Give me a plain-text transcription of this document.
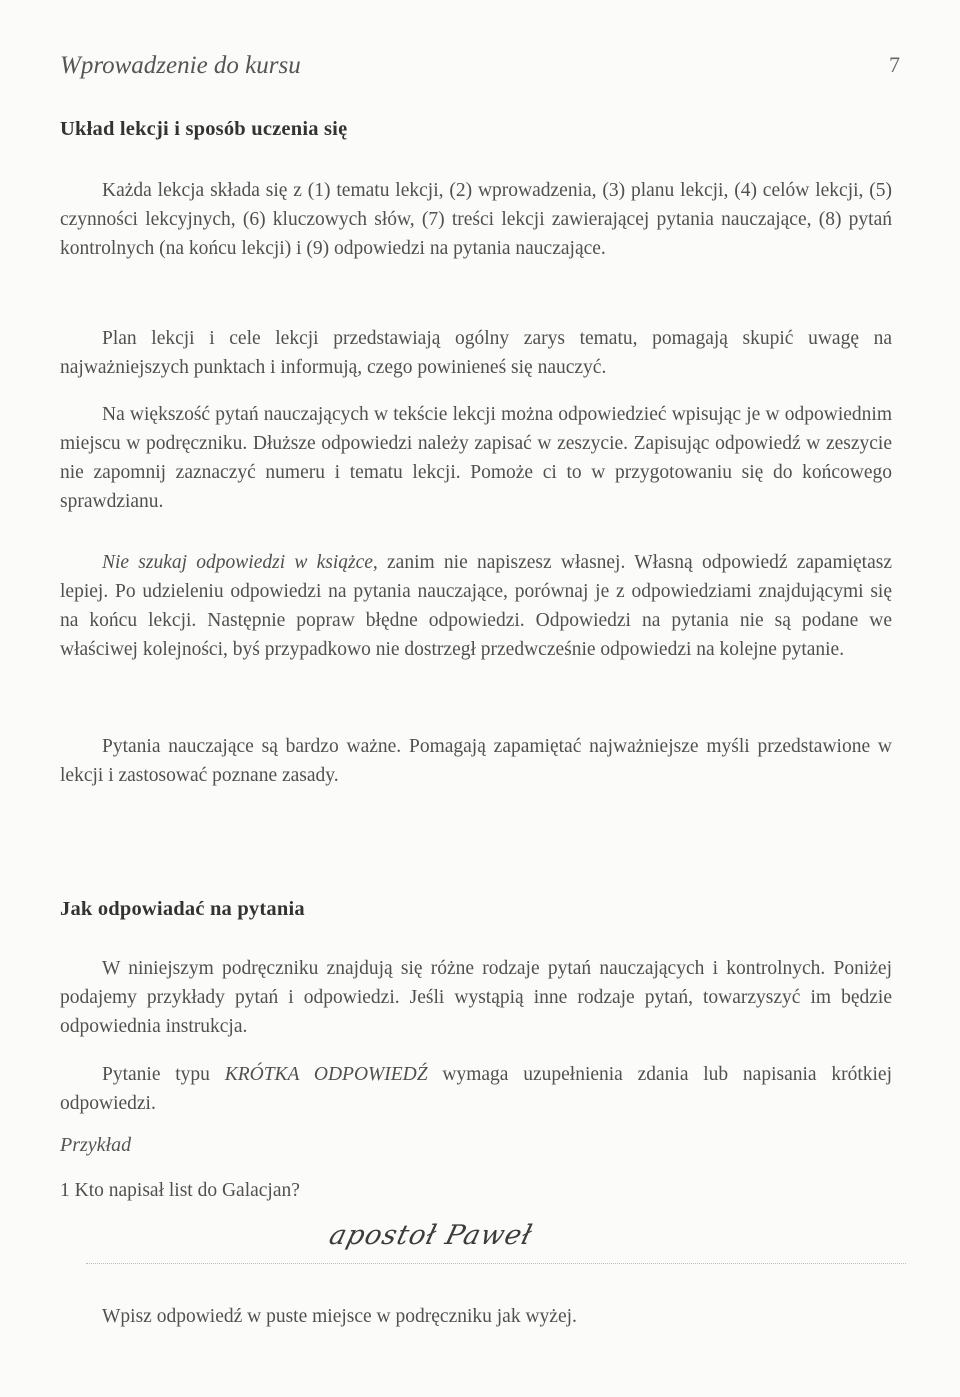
Wprowadzenie do kursu	7
Układ lekcji i sposób uczenia się

Każda lekcja składa się z (1) tematu lekcji, (2) wprowadzenia, (3) planu lekcji, (4) celów lekcji, (5) czynności lekcyjnych, (6) kluczowych słów, (7) treści lekcji zawierającej pytania nauczające, (8) pytań kontrolnych (na końcu lekcji) i (9) odpowiedzi na pytania nauczające.

Plan lekcji i cele lekcji przedstawiają ogólny zarys tematu, pomagają skupić uwagę na najważniejszych punktach i informują, czego powinieneś się nauczyć.

Na większość pytań nauczających w tekście lekcji można odpowiedzieć wpisując je w odpowiednim miejscu w podręczniku. Dłuższe odpowiedzi należy zapisać w zeszycie. Zapisując odpowiedź w zeszycie nie zapomnij zaznaczyć numeru i tematu lekcji. Pomoże ci to w przygotowaniu się do końcowego sprawdzianu.

Nie szukaj odpowiedzi w książce, zanim nie napiszesz własnej. Własną odpowiedź zapamiętasz lepiej. Po udzieleniu odpowiedzi na pytania nauczające, porównaj je z odpowiedziami znajdującymi się na końcu lekcji. Następnie popraw błędne odpowiedzi. Odpowiedzi na pytania nie są podane we właściwej kolejności, byś przypadkowo nie dostrzegł przedwcześnie odpowiedzi na kolejne pytanie.

Pytania nauczające są bardzo ważne. Pomagają zapamiętać najważniejsze myśli przedstawione w lekcji i zastosować poznane zasady.

Jak odpowiadać na pytania

W niniejszym podręczniku znajdują się różne rodzaje pytań nauczających i kontrolnych. Poniżej podajemy przykłady pytań i odpowiedzi. Jeśli wystąpią inne rodzaje pytań, towarzyszyć im będzie odpowiednia instrukcja.

Pytanie typu KRÓTKA ODPOWIEDŹ wymaga uzupełnienia zdania lub napisania krótkiej odpowiedzi.

Przykład
1 Kto napisał list do Galacjan?
apostoł Paweł
Wpisz odpowiedź w puste miejsce w podręczniku jak wyżej.
